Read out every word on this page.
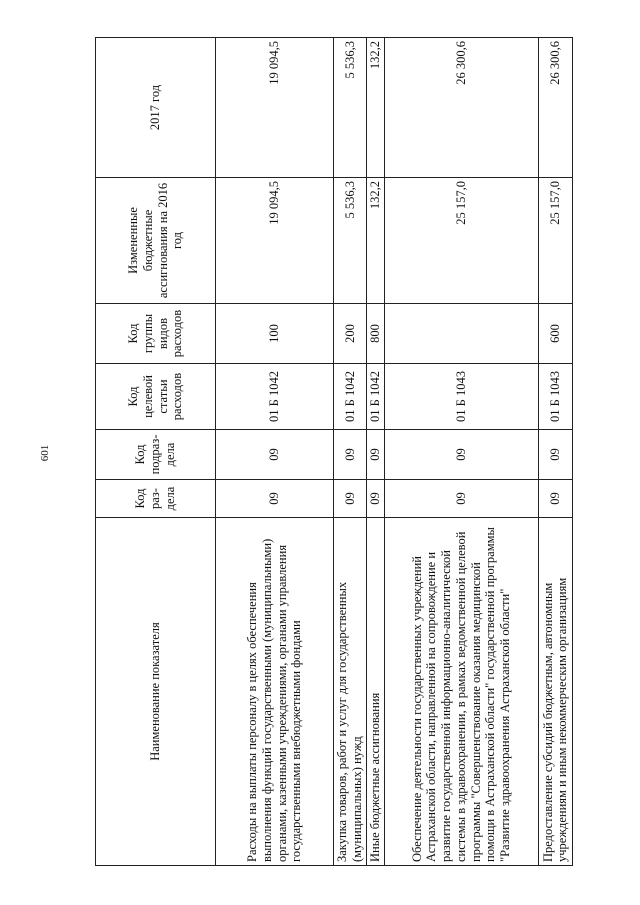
601
Наименование показателя	Код раз-дела	Код подраз-дела	Код целевой статьи расходов	Код группы видов расходов	Измененные бюджетные ассигнования на 2016 год	2017 год
Расходы на выплаты персоналу в целях обеспечения выполнения функций государственными (муниципальными) органами, казенными учреждениями, органами управления государственными внебюджетными фондами	09	09	01 Б 1042	100	19 094,5	19 094,5
Закупка товаров, работ и услуг для государственных (муниципальных) нужд	09	09	01 Б 1042	200	5 536,3	5 536,3
Иные бюджетные ассигнования	09	09	01 Б 1042	800	132,2	132,2
Обеспечение деятельности государственных учреждений Астраханской области, направленной на сопровождение и развитие государственной информационно-аналитической системы в здравоохранении, в рамках ведомственной целевой программы "Совершенствование оказания медицинской помощи в Астраханской области" государственной программы "Развитие здравоохранения Астраханской области"	09	09	01 Б 1043		25 157,0	26 300,6
Предоставление субсидий бюджетным, автономным учреждениям и иным некоммерческим организациям	09	09	01 Б 1043	600	25 157,0	26 300,6
